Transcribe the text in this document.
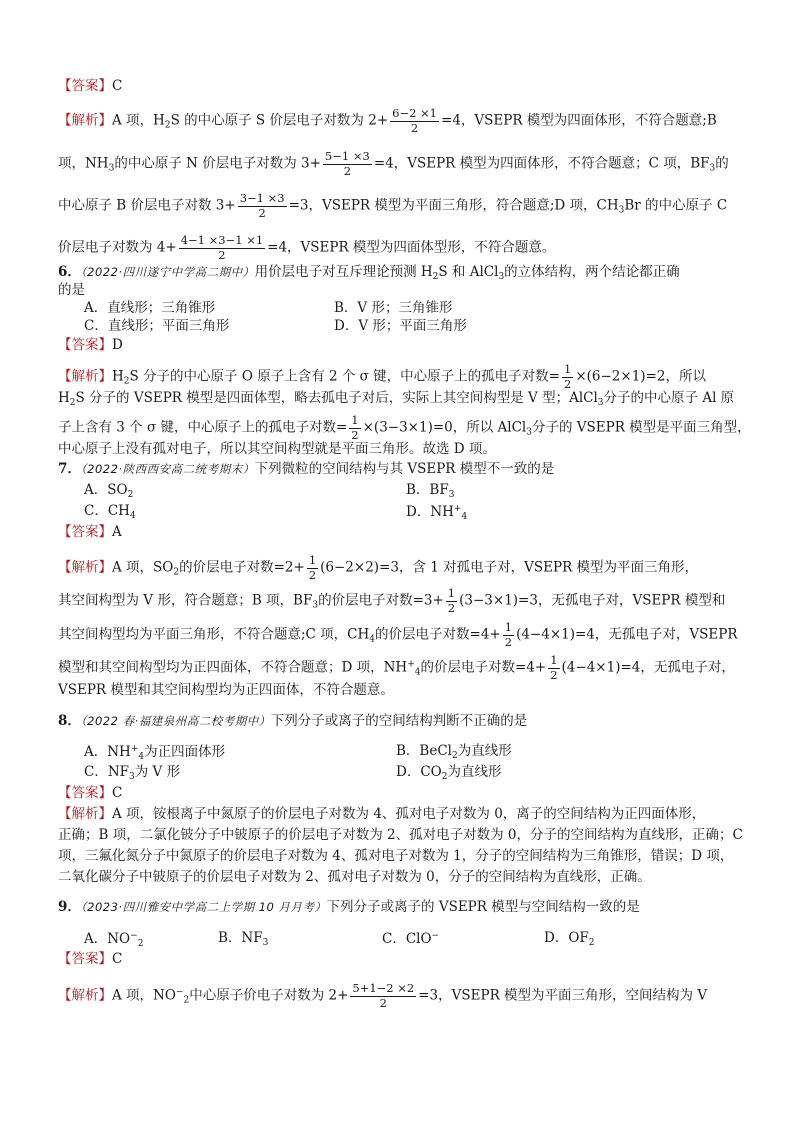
【答案】C
【解析】A 项，$H_2S$ 的中心原子 S 价层电子对数为 $2+ \frac{6-2 \times 1}{2} =4$，VSEPR 模型为四面体形，不符合题意;B
项，$NH_3$的中心原子 N 价层电子对数为 $3+ \frac{5-1 \times 3}{2} =4$，VSEPR 模型为四面体形，不符合题意；C 项，$BF_3$的
中心原子 B 价层电子对数 $3+ \frac{3-1 \times 3}{2} =3$，VSEPR 模型为平面三角形，符合题意;D 项，$CH_3Br$ 的中心原子 C
价层电子对数为 $4+ \frac{4-1 \times 3-1 \times 1}{2} =4$，VSEPR 模型为四面体型形，不符合题意。
6．（2022·四川遂宁中学高二期中）用价层电子对互斥理论预测 $H_2S$ 和 AlCl$_3$的立体结构，两个结论都正确
的是
A．直线形；三角锥形	B．V 形；三角锥形
C．直线形；平面三角形	D．V 形；平面三角形
【答案】D
【解析】$H_2S$ 分子的中心原子 O 原子上含有 2 个 σ 键，中心原子上的孤电子对数= $\frac{1}{2} \times(6-2\times 1)=2$，所以
$H_2S$ 分子的 VSEPR 模型是四面体型，略去孤电子对后，实际上其空间构型是 V 型；AlCl$_3$分子的中心原子 Al 原
子上含有 3 个 σ 键，中心原子上的孤电子对数= $\frac{1}{2} \times(3-3\times 1)=0$，所以 AlCl$_3$分子的 VSEPR 模型是平面三角型，
中心原子上没有孤对电子，所以其空间构型就是平面三角形。故选 D 项。
7．（2022·陕西西安高二统考期末）下列微粒的空间结构与其 VSEPR 模型不一致的是
A．$SO_2$	B．$BF_3$
C．$CH_4$	D．$NH^+_4$
【答案】A
【解析】A 项，$SO_2$的价层电子对数$=2+ \frac{1}{2} (6-2\times 2)=3$，含 1 对孤电子对，VSEPR 模型为平面三角形，
其空间构型为 V 形，符合题意；B 项，$BF_3$的价层电子对数$=3+ \frac{1}{2} (3-3\times 1)=3$，无孤电子对，VSEPR 模型和
其空间构型均为平面三角形，不符合题意;C 项，$CH_4$的价层电子对数$=4+ \frac{1}{2} (4-4\times 1)=4$，无孤电子对，VSEPR
模型和其空间构型均为正四面体，不符合题意；D 项，$NH^+_4$的价层电子对数$=4+ \frac{1}{2} (4-4\times 1)=4$，无孤电子对，
VSEPR 模型和其空间构型均为正四面体，不符合题意。
8．（2022 春·福建泉州高二校考期中）下列分子或离子的空间结构判断不正确的是
A．$NH^+_4$为正四面体形	B．BeCl$_2$为直线形
C．$NF_3$为 V 形	D．$CO_2$为直线形
【答案】C
【解析】A 项，铵根离子中氮原子的价层电子对数为 4、孤对电子对数为 0，离子的空间结构为正四面体形，
正确；B 项，二氯化铍分子中铍原子的价层电子对数为 2、孤对电子对数为 0，分子的空间结构为直线形，正确；C
项，三氟化氮分子中氮原子的价层电子对数为 4、孤对电子对数为 1，分子的空间结构为三角锥形，错误；D 项，
二氧化碳分子中铍原子的价层电子对数为 2、孤对电子对数为 0，分子的空间结构为直线形，正确。
9．（2023·四川雅安中学高二上学期 10 月月考）下列分子或离子的 VSEPR 模型与空间结构一致的是
A．$NO^-_2$	B．$NF_3$	C．ClO−	D．$OF_2$
【答案】C
【解析】A 项，$NO^-_2$中心原子价电子对数为 $2+ \frac{5+1-2 \times 2}{2} =3$，VSEPR 模型为平面三角形，空间结构为 V
